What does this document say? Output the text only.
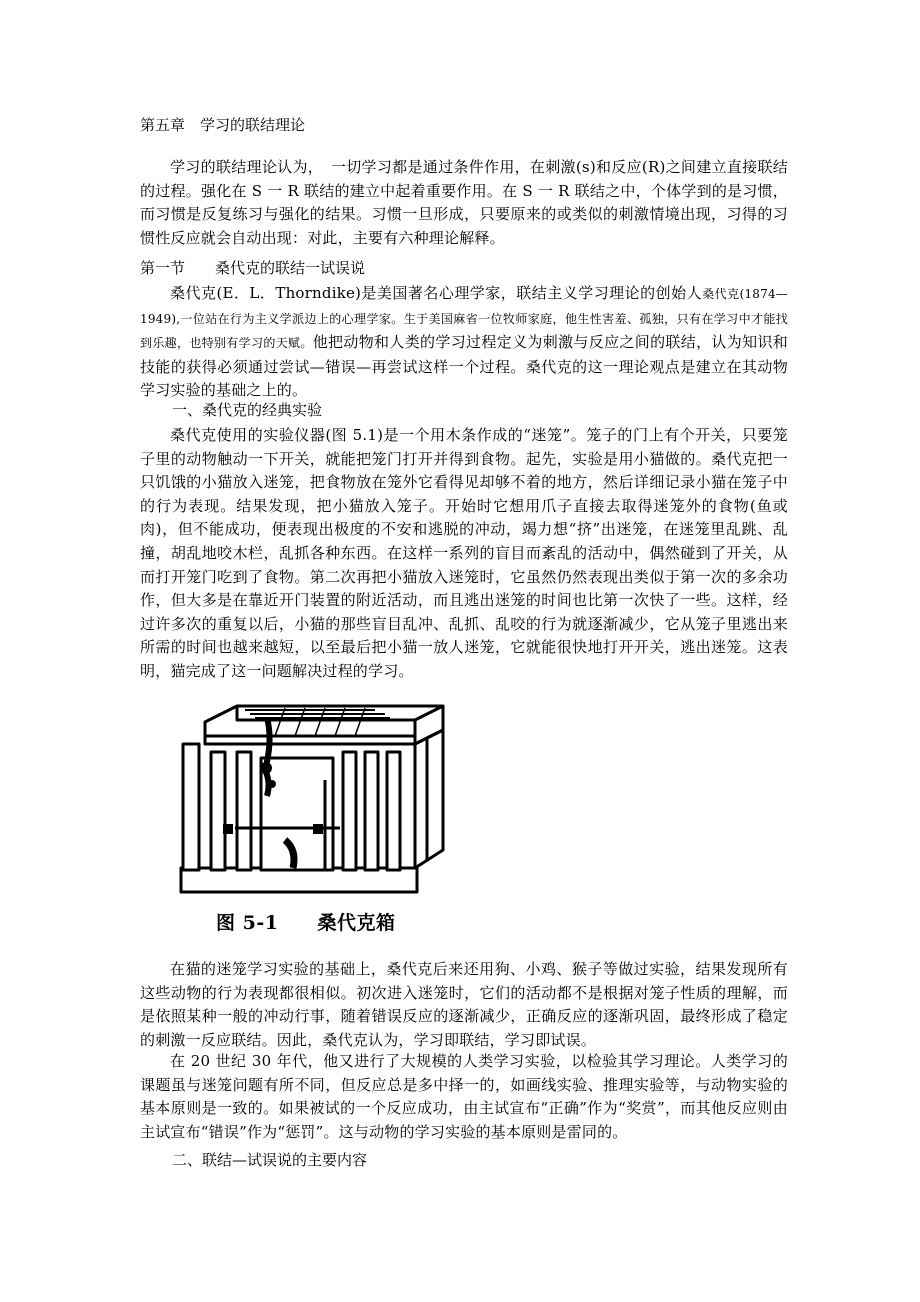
第五章　学习的联结理论

学习的联结理论认为，　一切学习都是通过条件作用，在刺激(s)和反应(R)之间建立直接联结的过程。强化在 S 一 R 联结的建立中起着重要作用。在 S 一 R 联结之中，个体学到的是习惯，而习惯是反复练习与强化的结果。习惯一旦形成，只要原来的或类似的刺激情境出现，习得的习惯性反应就会自动出现：对此，主要有六种理论解释。

第一节　　桑代克的联结一试误说

桑代克(E．L．Thorndike)是美国著名心理学家，联结主义学习理论的创始人桑代克(1874—1949),一位站在行为主义学派边上的心理学家。生于美国麻省一位牧师家庭，他生性害羞、孤独，只有在学习中才能找到乐趣，也特别有学习的天赋。他把动物和人类的学习过程定义为刺激与反应之间的联结，认为知识和技能的获得必须通过尝试—错误—再尝试这样一个过程。桑代克的这一理论观点是建立在其动物学习实验的基础之上的。

一、桑代克的经典实验

桑代克使用的实验仪器(图 5.1)是一个用木条作成的“迷笼”。笼子的门上有个开关，只要笼子里的动物触动一下开关，就能把笼门打开并得到食物。起先，实验是用小猫做的。桑代克把一只饥饿的小猫放入迷笼，把食物放在笼外它看得见却够不着的地方，然后详细记录小猫在笼子中的行为表现。结果发现，把小猫放入笼子。开始时它想用爪子直接去取得迷笼外的食物(鱼或肉)，但不能成功，便表现出极度的不安和逃脱的冲动，竭力想“挤”出迷笼，在迷笼里乱跳、乱撞，胡乱地咬木栏，乱抓各种东西。在这样一系列的盲目而紊乱的活动中，偶然碰到了开关，从而打开笼门吃到了食物。第二次再把小猫放入迷笼时，它虽然仍然表现出类似于第一次的多余功作，但大多是在靠近开门装置的附近活动，而且逃出迷笼的时间也比第一次快了一些。这样，经过许多次的重复以后，小猫的那些盲目乱冲、乱抓、乱咬的行为就逐渐减少，它从笼子里逃出来所需的时间也越来越短，以至最后把小猫一放人迷笼，它就能很快地打开开关，逃出迷笼。这表明，猫完成了这一问题解决过程的学习。

在猫的迷笼学习实验的基础上，桑代克后来还用狗、小鸡、猴子等做过实验，结果发现所有这些动物的行为表现都很相似。初次进入迷笼时，它们的活动都不是根据对笼子性质的理解，而是依照某种一般的冲动行事，随着错误反应的逐渐减少，正确反应的逐渐巩固，最终形成了稳定的刺激一反应联结。因此，桑代克认为，学习即联结，学习即试误。

在 20 世纪 30 年代，他又进行了大规模的人类学习实验，以检验其学习理论。人类学习的课题虽与迷笼问题有所不同，但反应总是多中择一的，如画线实验、推理实验等，与动物实验的基本原则是一致的。如果被试的一个反应成功，由主试宣布“正确”作为“奖赏”，而其他反应则由主试宣布“错误”作为“惩罚”。这与动物的学习实验的基本原则是雷同的。

二、联结—试误说的主要内容
图 5-1　　桑代克箱
